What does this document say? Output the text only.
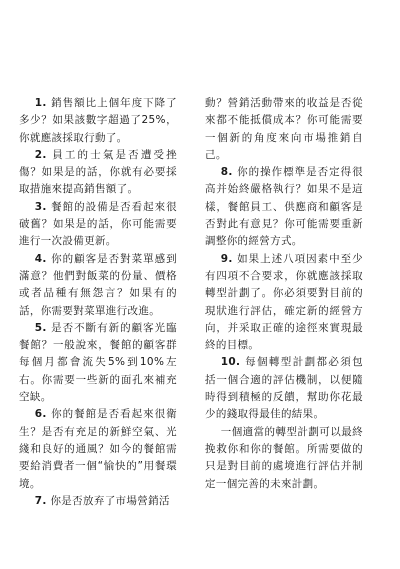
1. 銷售額比上個年度下降了多少？如果該數字超過了25%，你就應該採取行動了。

2. 員工的士氣是否遭受挫傷？如果是的話，你就有必要採取措施來提高銷售額了。

3. 餐館的設備是否看起來很破舊？如果是的話，你可能需要進行一次設備更新。

4. 你的顧客是否對菜單感到滿意？他們對飯菜的份量、價格或者品種有無怨言？如果有的話，你需要對菜單進行改進。

5. 是否不斷有新的顧客光臨餐館？一般說來，餐館的顧客群每個月都會流失5%到10%左右。你需要一些新的面孔來補充空缺。

6. 你的餐館是否看起來很衛生？是否有充足的新鮮空氣、光綫和良好的通風？如今的餐館需要給消費者一個“愉快的”用餐環境。

7. 你是否放弃了市場營銷活

動？營銷活動帶來的收益是否從來都不能抵償成本？你可能需要一個新的角度來向市場推銷自己。

8. 你的操作標準是否定得很高并始終嚴格執行？如果不是這樣，餐館員工、供應商和顧客是否對此有意見？你可能需要重新調整你的經營方式。

9. 如果上述八項因素中至少有四項不合要求，你就應該採取轉型計劃了。你必須要對目前的現狀進行評估，確定新的經營方向，并采取正確的途徑來實現最終的目標。

10. 每個轉型計劃都必須包括一個合適的評估機制，以便隨時得到積極的反饋，幫助你花最少的錢取得最佳的結果。

一個適當的轉型計劃可以最終挽救你和你的餐館。所需要做的只是對目前的處境進行評估并制定一個完善的未來計劃。
